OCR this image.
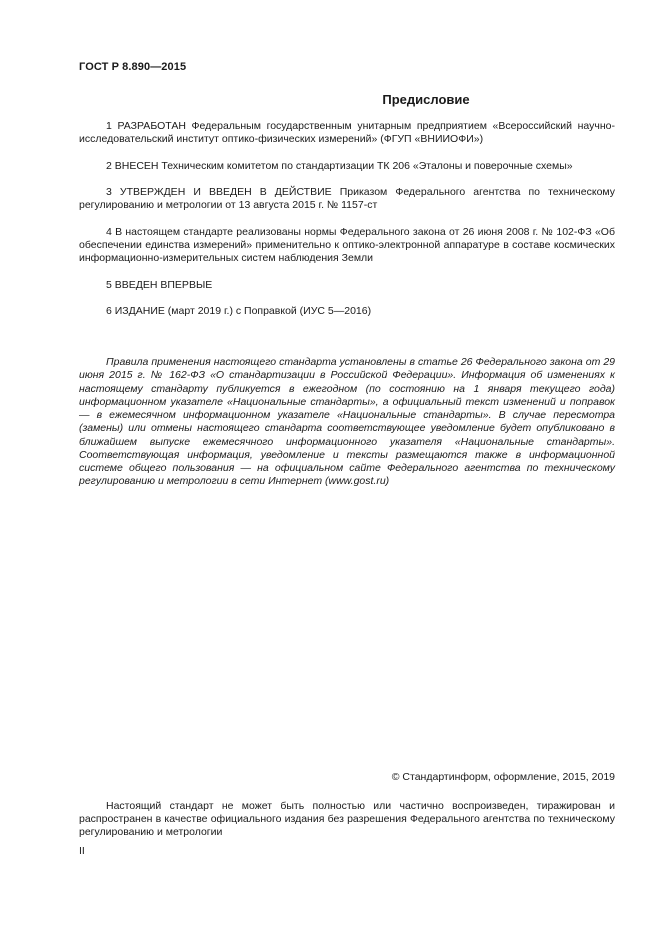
ГОСТ Р 8.890—2015
Предисловие
1 РАЗРАБОТАН Федеральным государственным унитарным предприятием «Всероссийский научно-исследовательский институт оптико-физических измерений» (ФГУП «ВНИИОФИ»)
2 ВНЕСЕН Техническим комитетом по стандартизации ТК 206 «Эталоны и поверочные схемы»
3 УТВЕРЖДЕН И ВВЕДЕН В ДЕЙСТВИЕ Приказом Федерального агентства по техническому регулированию и метрологии от 13 августа 2015 г. № 1157-ст
4 В настоящем стандарте реализованы нормы Федерального закона от 26 июня 2008 г. № 102-ФЗ «Об обеспечении единства измерений» применительно к оптико-электронной аппаратуре в составе космических информационно-измерительных систем наблюдения Земли
5 ВВЕДЕН ВПЕРВЫЕ
6 ИЗДАНИЕ (март 2019 г.) с Поправкой (ИУС 5—2016)
Правила применения настоящего стандарта установлены в статье 26 Федерального закона от 29 июня 2015 г. № 162-ФЗ «О стандартизации в Российской Федерации». Информация об изменениях к настоящему стандарту публикуется в ежегодном (по состоянию на 1 января текущего года) информационном указателе «Национальные стандарты», а официальный текст изменений и поправок — в ежемесячном информационном указателе «Национальные стандарты». В случае пересмотра (замены) или отмены настоящего стандарта соответствующее уведомление будет опубликовано в ближайшем выпуске ежемесячного информационного указателя «Национальные стандарты». Соответствующая информация, уведомление и тексты размещаются также в информационной системе общего пользования — на официальном сайте Федерального агентства по техническому регулированию и метрологии в сети Интернет (www.gost.ru)
© Стандартинформ, оформление, 2015, 2019
Настоящий стандарт не может быть полностью или частично воспроизведен, тиражирован и распространен в качестве официального издания без разрешения Федерального агентства по техническому регулированию и метрологии
II
